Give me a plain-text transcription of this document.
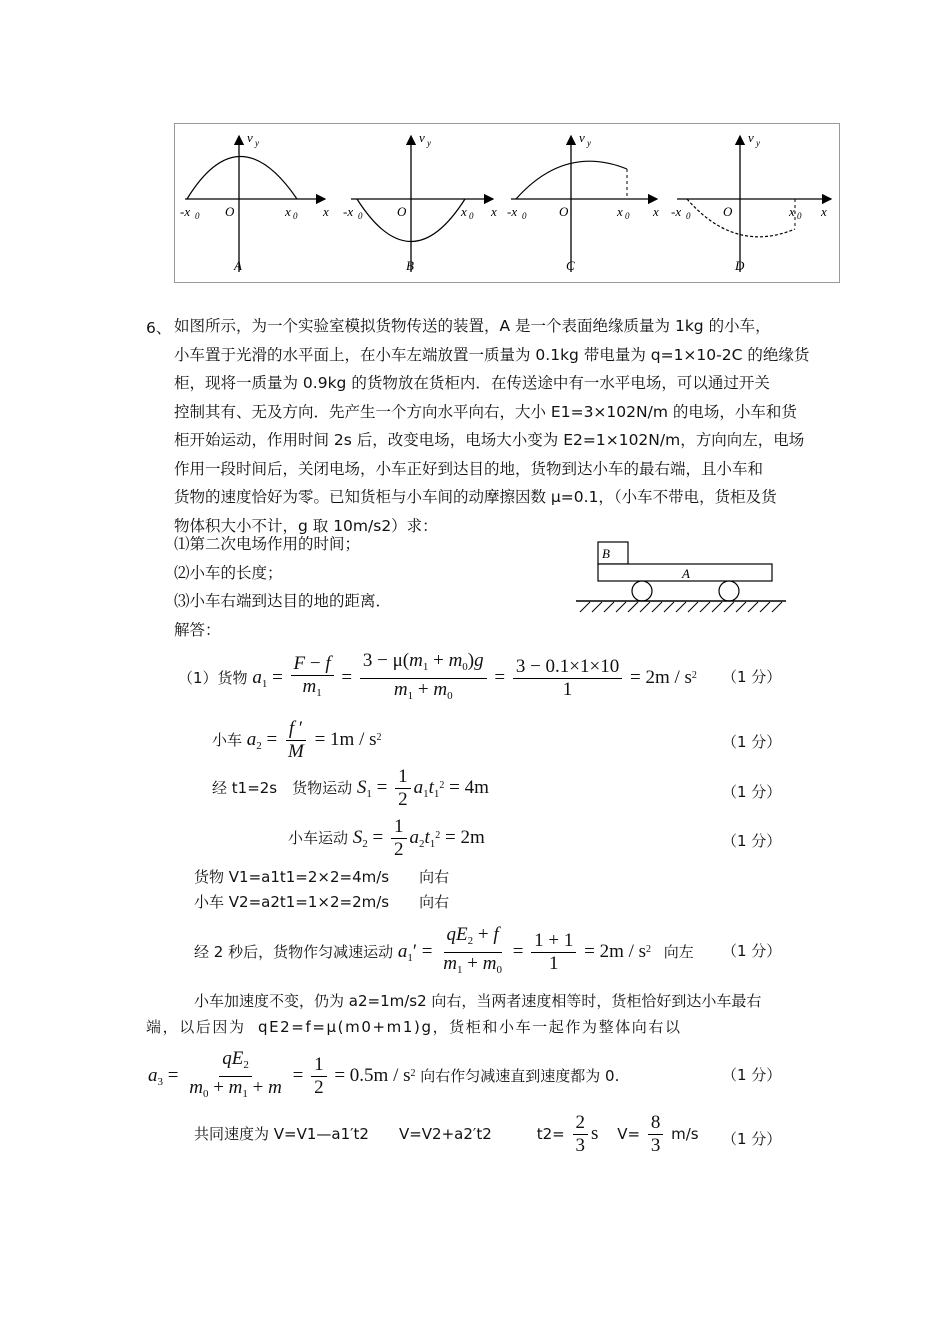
v y
-x 0 O	x 0 x
A
v y
-x 0	O	x 0 x
B
v y
-x 0	O	x 0 x
C
v y
-x 0	O	x 0 x
D
6、 如图所示，为一个实验室模拟货物传送的装置，A 是一个表面绝缘质量为 1kg 的小车，
小车置于光滑的水平面上，在小车左端放置一质量为 0.1kg 带电量为 q=1×10-2C 的绝缘货
柜，现将一质量为 0.9kg 的货物放在货柜内．在传送途中有一水平电场，可以通过开关
控制其有、无及方向．先产生一个方向水平向右，大小 E1=3×102N/m 的电场，小车和货
柜开始运动，作用时间 2s 后，改变电场，电场大小变为 E2=1×102N/m，方向向左，电场
作用一段时间后，关闭电场，小车正好到达目的地，货物到达小车的最右端，且小车和
货物的速度恰好为零。已知货柜与小车间的动摩擦因数 μ=0.1，（小车不带电，货柜及货
物体积大小不计，g 取 10m/s2）求：
⑴第二次电场作用的时间；
⑵小车的长度；
⑶小车右端到达目的地的距离．
解答：
B
A
（1）货物 $a_1 = \frac{F - f}{m_1} = \frac{3 - \mu(m_1 + m_0)g}{m_1 + m_0} = \frac{3 - 0.1\times 1\times 10}{1} = 2m / s^2$ （1 分）
小车 $a_2 = \frac{f '}{M} = 1m / s^2$	（1 分）
经 t1=2s　货物运动 $S_1 = \frac{1}{2} a_1t_1^2 = 4m$	（1 分）
小车运动 $S_2 = \frac{1}{2} a_2t_1^2 = 2m$	（1 分）
货物 V1=a1t1=2×2=4m/s　　向右
小车 V2=a2t1=1×2=2m/s　　向右
经 2 秒后，货物作匀减速运动 $a_1' = \frac{qE_2 + f}{m_1 + m_0} = \frac{1 + 1}{1} = 2m / s^2$ 向左 （1 分）
小车加速度不变，仍为 a2=1m/s2 向右，当两者速度相等时，货柜恰好到达小车最右
端，以后因为 qE2=f=μ(m0+m1)g，货柜和小车一起作为整体向右以
$a_3 = \frac{qE_2}{m_0 + m_1 + m} = \frac{1}{2} = 0.5m / s^2$ 向右作匀减速直到速度都为 0.	（1 分）
共同速度为 V=V1—a1′t2　　V=V2+a2′t2　　　$t2= \frac{2}{3}$ s $V= \frac{8}{3} m/s$ （1 分）
